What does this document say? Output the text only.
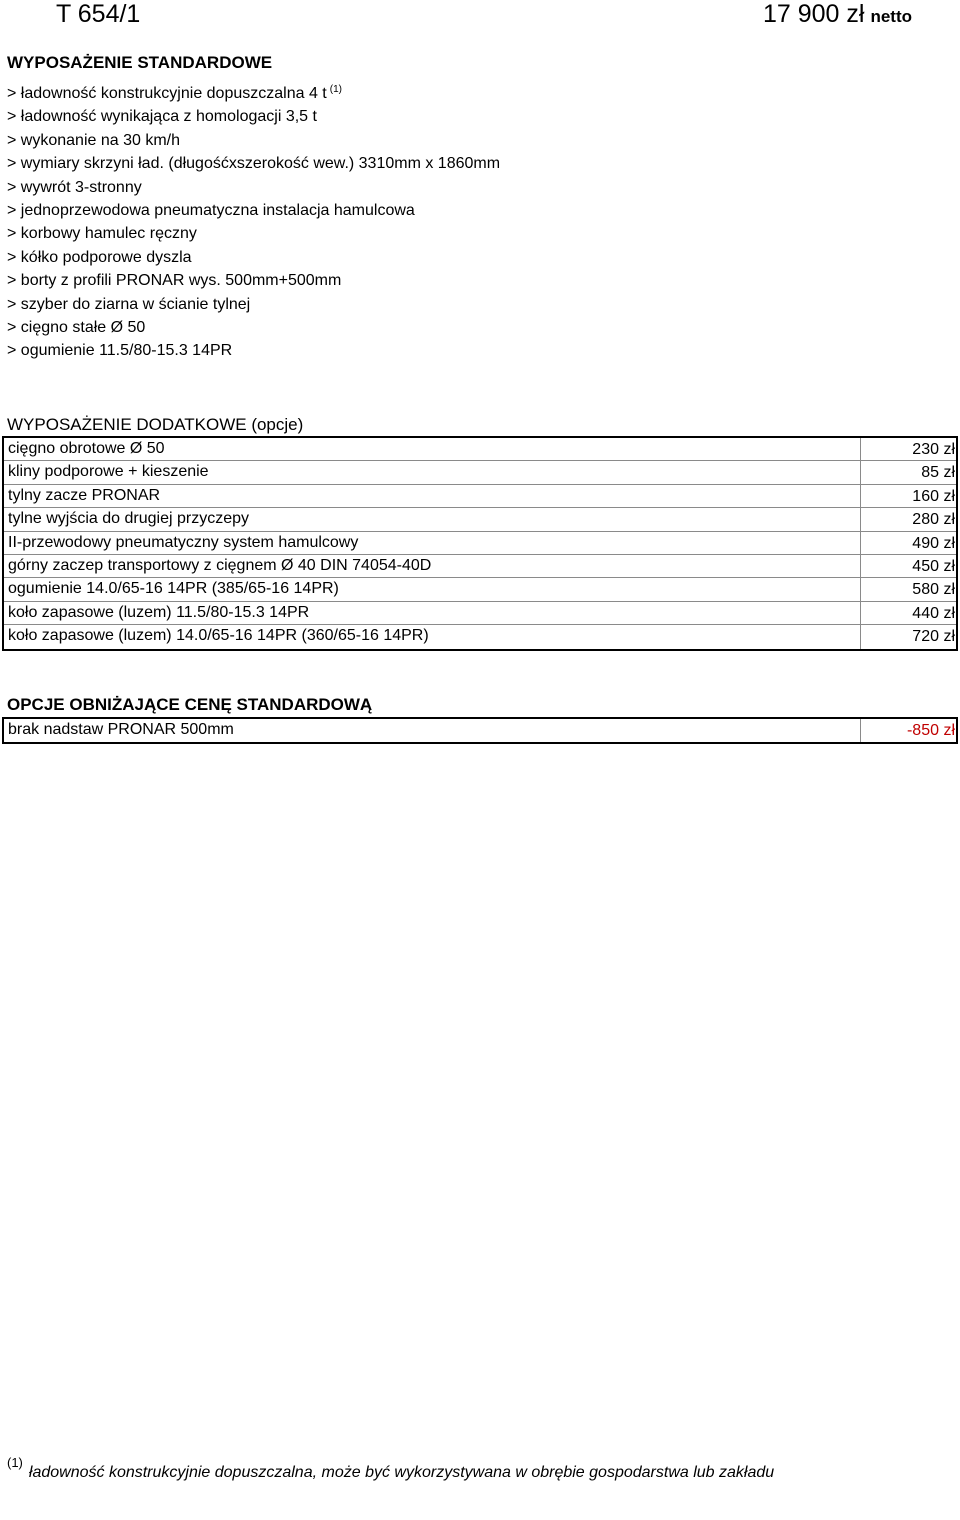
T 654/1	17 900 zł netto
WYPOSAŻENIE STANDARDOWE
> ładowność konstrukcyjnie dopuszczalna 4 t $^{(1)}$
> ładowność wynikająca z homologacji 3,5 t
> wykonanie na 30 km/h
> wymiary skrzyni ład. (długośćxszerokość wew.) 3310mm x 1860mm
> wywrót 3-stronny
> jednoprzewodowa pneumatyczna instalacja hamulcowa
> korbowy hamulec ręczny
> kółko podporowe dyszla
> borty z profili PRONAR wys. 500mm+500mm
> szyber do ziarna w ścianie tylnej
> cięgno stałe Ø 50
> ogumienie 11.5/80-15.3 14PR
WYPOSAŻENIE DODATKOWE (opcje)
cięgno obrotowe Ø 50	230 zł
kliny podporowe + kieszenie	85 zł
tylny zacze PRONAR	160 zł
tylne wyjścia do drugiej przyczepy	280 zł
II-przewodowy pneumatyczny system hamulcowy	490 zł
górny zaczep transportowy z cięgnem Ø 40 DIN 74054-40D	450 zł
ogumienie 14.0/65-16 14PR (385/65-16 14PR)	580 zł
koło zapasowe (luzem) 11.5/80-15.3 14PR	440 zł
koło zapasowe (luzem) 14.0/65-16 14PR (360/65-16 14PR)	720 zł
OPCJE OBNIŻAJĄCE CENĘ STANDARDOWĄ
brak nadstaw PRONAR 500mm	-850 zł
$^{(1)}$ładowność konstrukcyjnie dopuszczalna, może być wykorzystywana w obrębie gospodarstwa lub zakładu
